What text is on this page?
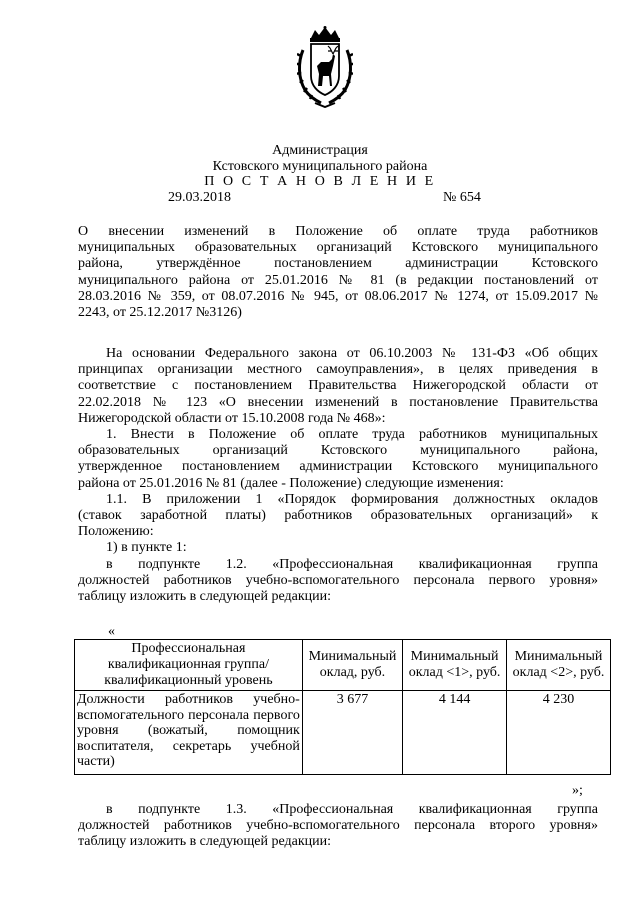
Администрация
Кстовского муниципального района
П О С Т А Н О В Л Е Н И Е
29.03.2018	№ 654

О внесении изменений в Положение об оплате труда работников

муниципальных образовательных организаций Кстовского муниципального

района, утверждённое постановлением администрации Кстовского

муниципального района от 25.01.2016 № 81 (в редакции постановлений от

28.03.2016 № 359, от 08.07.2016 № 945, от 08.06.2017 № 1274, от 15.09.2017 №

2243, от 25.12.2017 №3126)

На основании Федерального закона от 06.10.2003 № 131-ФЗ «Об общих

принципах организации местного самоуправления», в целях приведения в

соответствие с постановлением Правительства Нижегородской области от

22.02.2018 № 123 «О внесении изменений в постановление Правительства

Нижегородской области от 15.10.2008 года № 468»:

1. Внести в Положение об оплате труда работников муниципальных

образовательных организаций Кстовского муниципального района,

утвержденное постановлением администрации Кстовского муниципального

района от 25.01.2016 № 81 (далее - Положение) следующие изменения:

1.1. В приложении 1 «Порядок формирования должностных окладов

(ставок заработной платы) работников образовательных организаций» к

Положению:

1) в пункте 1:

в подпункте 1.2. «Профессиональная квалификационная группа

должностей работников учебно-вспомогательного персонала первого уровня»

таблицу изложить в следующей редакции:

«
Профессиональная квалификационная группа/ квалификационный уровень	Минимальный оклад, руб.	Минимальный оклад <1>, руб.	Минимальный оклад <2>, руб.
Должности работников учебно-вспомогательного персонала первого уровня (вожатый, помощник воспитателя, секретарь учебной части)	3 677	4 144	4 230
»;

в подпункте 1.3. «Профессиональная квалификационная группа

должностей работников учебно-вспомогательного персонала второго уровня»

таблицу изложить в следующей редакции:
